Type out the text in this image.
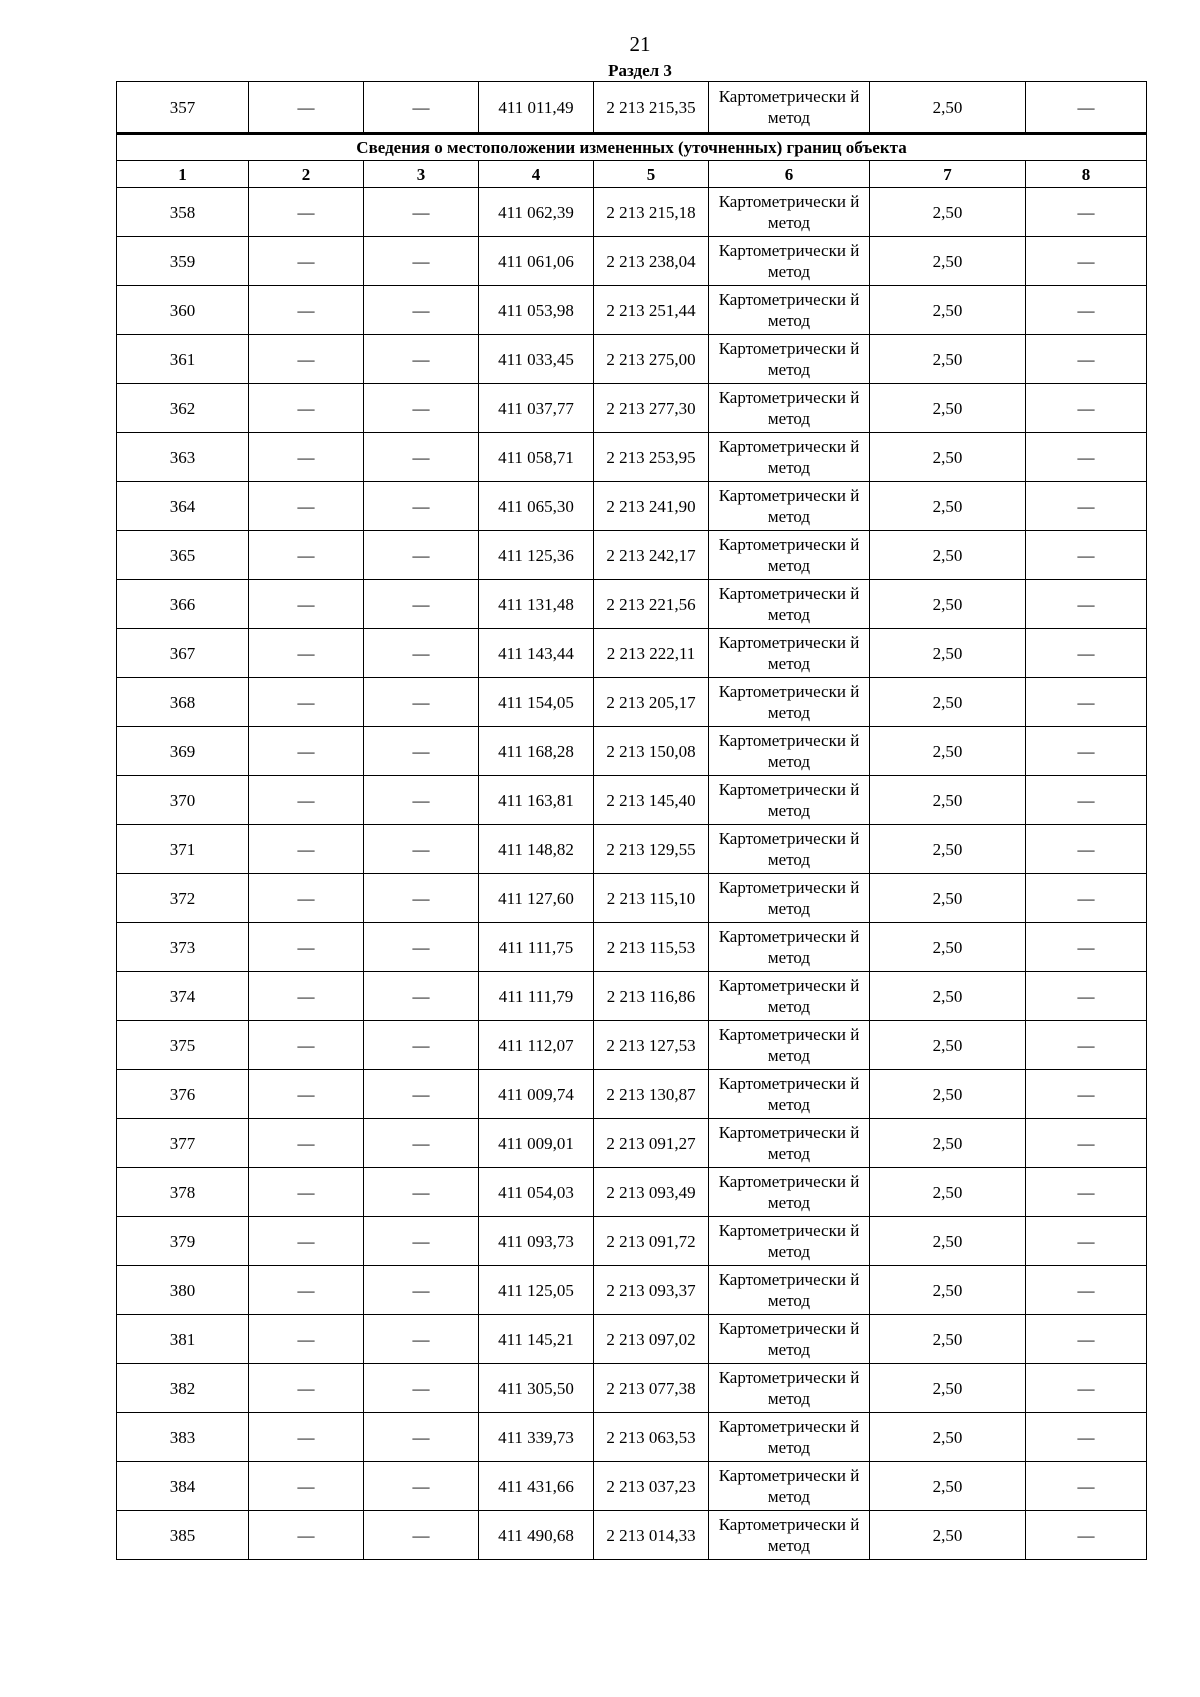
21
Раздел 3
357	—	—	411 011,49	2 213 215,35	Картометрически й метод	2,50	—
Сведения о местоположении измененных (уточненных) границ объекта							
1	2	3	4	5	6	7	8
358	—	—	411 062,39	2 213 215,18	Картометрически й метод	2,50	—
359	—	—	411 061,06	2 213 238,04	Картометрически й метод	2,50	—
360	—	—	411 053,98	2 213 251,44	Картометрически й метод	2,50	—
361	—	—	411 033,45	2 213 275,00	Картометрически й метод	2,50	—
362	—	—	411 037,77	2 213 277,30	Картометрически й метод	2,50	—
363	—	—	411 058,71	2 213 253,95	Картометрически й метод	2,50	—
364	—	—	411 065,30	2 213 241,90	Картометрически й метод	2,50	—
365	—	—	411 125,36	2 213 242,17	Картометрически й метод	2,50	—
366	—	—	411 131,48	2 213 221,56	Картометрически й метод	2,50	—
367	—	—	411 143,44	2 213 222,11	Картометрически й метод	2,50	—
368	—	—	411 154,05	2 213 205,17	Картометрически й метод	2,50	—
369	—	—	411 168,28	2 213 150,08	Картометрически й метод	2,50	—
370	—	—	411 163,81	2 213 145,40	Картометрически й метод	2,50	—
371	—	—	411 148,82	2 213 129,55	Картометрически й метод	2,50	—
372	—	—	411 127,60	2 213 115,10	Картометрически й метод	2,50	—
373	—	—	411 111,75	2 213 115,53	Картометрически й метод	2,50	—
374	—	—	411 111,79	2 213 116,86	Картометрически й метод	2,50	—
375	—	—	411 112,07	2 213 127,53	Картометрически й метод	2,50	—
376	—	—	411 009,74	2 213 130,87	Картометрически й метод	2,50	—
377	—	—	411 009,01	2 213 091,27	Картометрически й метод	2,50	—
378	—	—	411 054,03	2 213 093,49	Картометрически й метод	2,50	—
379	—	—	411 093,73	2 213 091,72	Картометрически й метод	2,50	—
380	—	—	411 125,05	2 213 093,37	Картометрически й метод	2,50	—
381	—	—	411 145,21	2 213 097,02	Картометрически й метод	2,50	—
382	—	—	411 305,50	2 213 077,38	Картометрически й метод	2,50	—
383	—	—	411 339,73	2 213 063,53	Картометрически й метод	2,50	—
384	—	—	411 431,66	2 213 037,23	Картометрически й метод	2,50	—
385	—	—	411 490,68	2 213 014,33	Картометрически й метод	2,50	—
